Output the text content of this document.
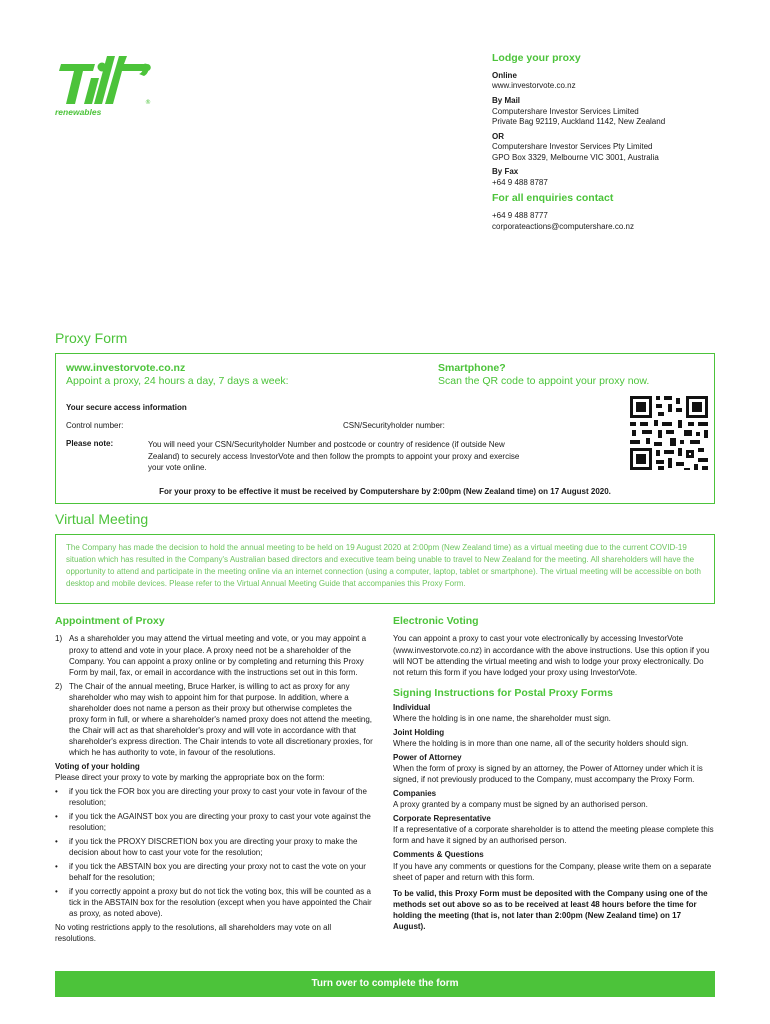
®
renewables
Lodge your proxy
Online

www.investorvote.co.nz

By Mail

Computershare Investor Services Limited
Private Bag 92119, Auckland 1142, New Zealand

OR

Computershare Investor Services Pty Limited
GPO Box 3329, Melbourne VIC 3001, Australia

By Fax

+64 9 488 8787

For all enquiries contact

+64 9 488 8777

corporateactions@computershare.co.nz

Proxy Form
www.investorvote.co.nz
Appoint a proxy, 24 hours a day, 7 days a week:
Smartphone?
Scan the QR code to appoint your proxy now.
Your secure access information
Control number:	CSN/Securityholder number:
Please note:	You will need your CSN/Securityholder Number and postcode or country of residence (if outside New Zealand) to securely access InvestorVote and then follow the prompts to appoint your proxy and exercise your vote online.
For your proxy to be effective it must be received by Computershare by 2:00pm (New Zealand time) on 17 August 2020.
Virtual Meeting
The Company has made the decision to hold the annual meeting to be held on 19 August 2020 at 2:00pm (New Zealand time) as a virtual meeting due to the current COVID-19 situation which has resulted in the Company's Australian based directors and executive team being unable to travel to New Zealand for the meeting. All shareholders will have the opportunity to attend and participate in the meeting online via an internet connection (using a computer, laptop, tablet or smartphone). The virtual meeting will be accessible on both desktop and mobile devices. Please refer to the Virtual Annual Meeting Guide that accompanies this Proxy Form.
Appointment of Proxy
1) As a shareholder you may attend the virtual meeting and vote, or you may appoint a proxy to attend and vote in your place. A proxy need not be a shareholder of the Company. You can appoint a proxy online or by completing and returning this Proxy Form by mail, fax, or email in accordance with the instructions set out in this form.
2) The Chair of the annual meeting, Bruce Harker, is willing to act as proxy for any shareholder who may wish to appoint him for that purpose. In addition, where a shareholder does not name a person as their proxy but otherwise completes the proxy form in full, or where a shareholder's named proxy does not attend the meeting, the Chair will act as that shareholder's proxy and will vote in accordance with that shareholder's express direction. The Chair intends to vote all discretionary proxies, for which he has authority to vote, in favour of the resolutions.
Voting of your holding
Please direct your proxy to vote by marking the appropriate box on the form:
• if you tick the FOR box you are directing your proxy to cast your vote in favour of the resolution;
• if you tick the AGAINST box you are directing your proxy to cast your vote against the resolution;
• if you tick the PROXY DISCRETION box you are directing your proxy to make the decision about how to cast your vote for the resolution;
• if you tick the ABSTAIN box you are directing your proxy not to cast the vote on your behalf for the resolution;
• if you correctly appoint a proxy but do not tick the voting box, this will be counted as a tick in the ABSTAIN box for the resolution (except when you have appointed the Chair as proxy, as noted above).
No voting restrictions apply to the resolutions, all shareholders may vote on all resolutions.
Electronic Voting
You can appoint a proxy to cast your vote electronically by accessing InvestorVote (www.investorvote.co.nz) in accordance with the above instructions. Use this option if you will NOT be attending the virtual meeting and wish to lodge your proxy electronically. Do not return this form if you have lodged your proxy using InvestorVote.
Signing Instructions for Postal Proxy Forms
Individual
Where the holding is in one name, the shareholder must sign.
Joint Holding
Where the holding is in more than one name, all of the security holders should sign.
Power of Attorney
When the form of proxy is signed by an attorney, the Power of Attorney under which it is signed, if not previously produced to the Company, must accompany the Proxy Form.
Companies
A proxy granted by a company must be signed by an authorised person.
Corporate Representative
If a representative of a corporate shareholder is to attend the meeting please complete this form and have it signed by an authorised person.
Comments & Questions
If you have any comments or questions for the Company, please write them on a separate sheet of paper and return with this form.
To be valid, this Proxy Form must be deposited with the Company using one of the methods set out above so as to be received at least 48 hours before the time for holding the meeting (that is, not later than 2:00pm (New Zealand time) on 17 August).
Turn over to complete the form
